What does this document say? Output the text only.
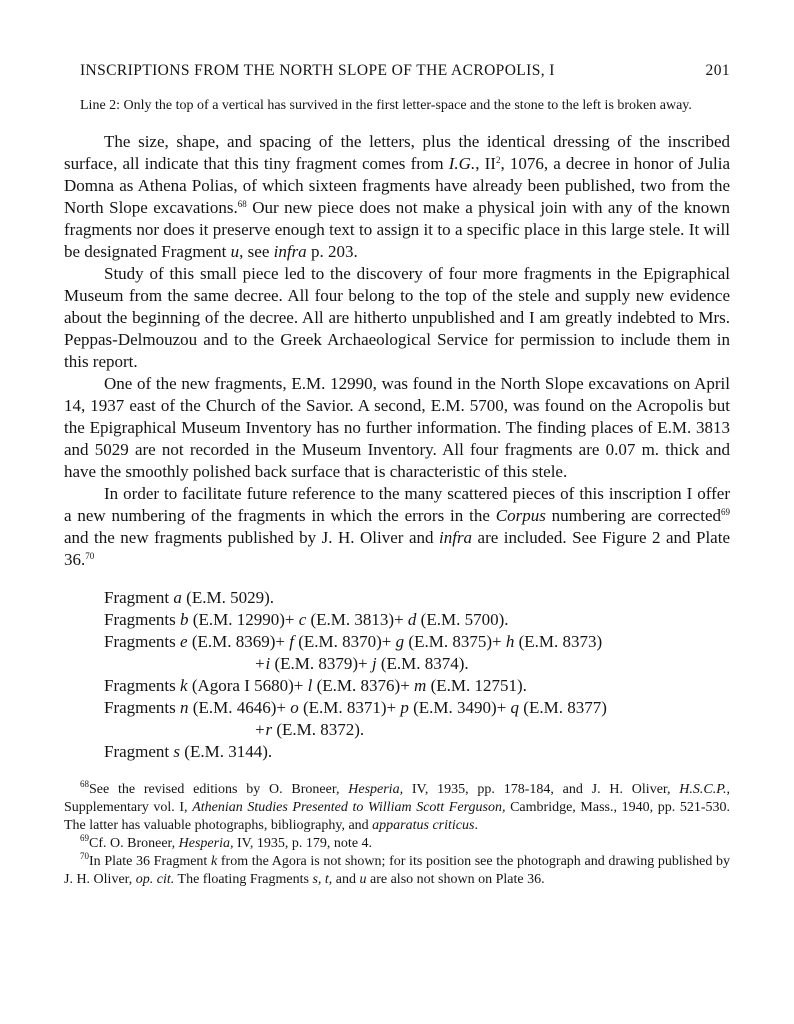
INSCRIPTIONS FROM THE NORTH SLOPE OF THE ACROPOLIS, I	201
Line 2: Only the top of a vertical has survived in the first letter-space and the stone to the left is broken away.

The size, shape, and spacing of the letters, plus the identical dressing of the inscribed surface, all indicate that this tiny fragment comes from I.G., $II^2$, 1076, a decree in honor of Julia Domna as Athena Polias, of which sixteen fragments have already been published, two from the North Slope excavations.$^{68}$ Our new piece does not make a physical join with any of the known fragments nor does it preserve enough text to assign it to a specific place in this large stele. It will be designated Fragment u, see infra p. 203.

Study of this small piece led to the discovery of four more fragments in the Epigraphical Museum from the same decree. All four belong to the top of the stele and supply new evidence about the beginning of the decree. All are hitherto unpublished and I am greatly indebted to Mrs. Peppas-Delmouzou and to the Greek Archaeological Service for permission to include them in this report.

One of the new fragments, E.M. 12990, was found in the North Slope excavations on April 14, 1937 east of the Church of the Savior. A second, E.M. 5700, was found on the Acropolis but the Epigraphical Museum Inventory has no further information. The finding places of E.M. 3813 and 5029 are not recorded in the Museum Inventory. All four fragments are 0.07 m. thick and have the smoothly polished back surface that is characteristic of this stele.

In order to facilitate future reference to the many scattered pieces of this inscription I offer a new numbering of the fragments in which the errors in the Corpus numbering are corrected$^{69}$ and the new fragments published by J. H. Oliver and infra are included. See Figure 2 and Plate 36.70

Fragment a (E.M. 5029).
Fragments b (E.M. 12990)+ c (E.M. 3813)+ d (E.M. 5700).
Fragments e (E.M. 8369)+ f (E.M. 8370)+ g (E.M. 8375)+ h (E.M. 8373)
+i (E.M. 8379)+ j (E.M. 8374).
Fragments k (Agora I 5680)+ l (E.M. 8376)+ m (E.M. 12751).
Fragments n (E.M. 4646)+ o (E.M. 8371)+ p (E.M. 3490)+ q (E.M. 8377)
+r (E.M. 8372).
Fragment s (E.M. 3144).

$^{68}$See the revised editions by O. Broneer, Hesperia, IV, 1935, pp. 178-184, and J. H. Oliver, H.S.C.P., Supplementary vol. I, Athenian Studies Presented to William Scott Ferguson, Cambridge, Mass., 1940, pp. 521-530. The latter has valuable photographs, bibliography, and apparatus criticus.

$^{69}$Cf. O. Broneer, Hesperia, IV, 1935, p. 179, note 4.

$^{70}$In Plate 36 Fragment k from the Agora is not shown; for its position see the photograph and drawing published by J. H. Oliver, op. cit. The floating Fragments s, t, and u are also not shown on Plate 36.
